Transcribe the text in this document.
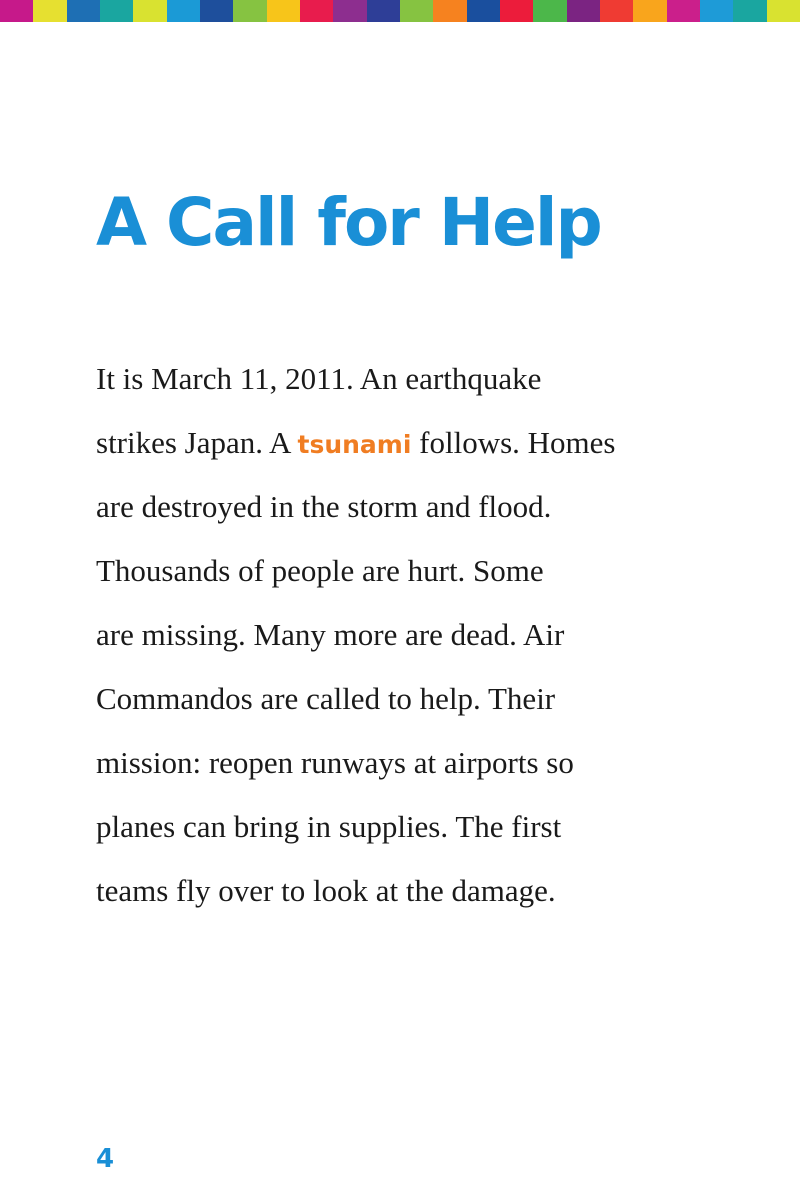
A Call for Help
It is March 11, 2011. An earthquake
strikes Japan. A tsunami follows. Homes
are destroyed in the storm and flood.
Thousands of people are hurt. Some
are missing. Many more are dead. Air
Commandos are called to help. Their
mission: reopen runways at airports so
planes can bring in supplies. The first
teams fly over to look at the damage.
4
